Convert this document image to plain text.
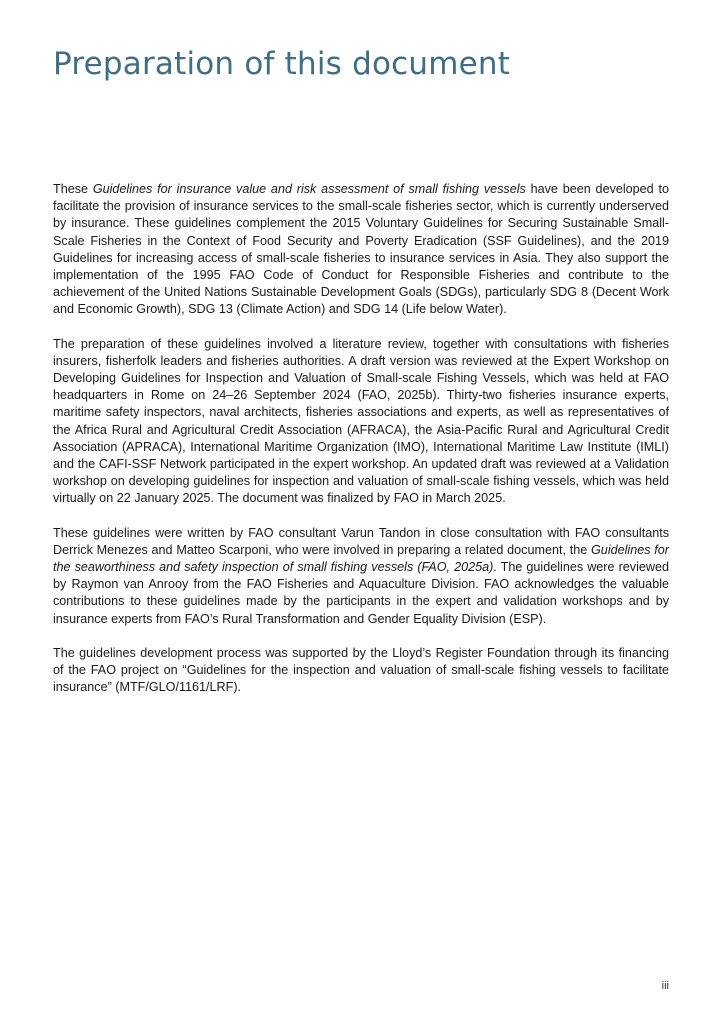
Preparation of this document

These Guidelines for insurance value and risk assessment of small fishing vessels have been developed to facilitate the provision of insurance services to the small-scale fisheries sector, which is currently underserved by insurance. These guidelines complement the 2015 Voluntary Guidelines for Securing Sustainable Small-Scale Fisheries in the Context of Food Security and Poverty Eradication (SSF Guidelines), and the 2019 Guidelines for increasing access of small-scale fisheries to insurance services in Asia. They also support the implementation of the 1995 FAO Code of Conduct for Responsible Fisheries and contribute to the achievement of the United Nations Sustainable Development Goals (SDGs), particularly SDG 8 (Decent Work and Economic Growth), SDG 13 (Climate Action) and SDG 14 (Life below Water).

The preparation of these guidelines involved a literature review, together with consultations with fisheries insurers, fisherfolk leaders and fisheries authorities. A draft version was reviewed at the Expert Workshop on Developing Guidelines for Inspection and Valuation of Small-scale Fishing Vessels, which was held at FAO headquarters in Rome on 24–26 September 2024 (FAO, 2025b). Thirty-two fisheries insurance experts, maritime safety inspectors, naval architects, fisheries associations and experts, as well as representatives of the Africa Rural and Agricultural Credit Association (AFRACA), the Asia-Pacific Rural and Agricultural Credit Association (APRACA), International Maritime Organization (IMO), International Maritime Law Institute (IMLI) and the CAFI-SSF Network participated in the expert workshop. An updated draft was reviewed at a Validation workshop on developing guidelines for inspection and valuation of small-scale fishing vessels, which was held virtually on 22 January 2025. The document was finalized by FAO in March 2025.

These guidelines were written by FAO consultant Varun Tandon in close consultation with FAO consultants Derrick Menezes and Matteo Scarponi, who were involved in preparing a related document, the Guidelines for the seaworthiness and safety inspection of small fishing vessels (FAO, 2025a). The guidelines were reviewed by Raymon van Anrooy from the FAO Fisheries and Aquaculture Division. FAO acknowledges the valuable contributions to these guidelines made by the participants in the expert and validation workshops and by insurance experts from FAO’s Rural Transformation and Gender Equality Division (ESP).

The guidelines development process was supported by the Lloyd’s Register Foundation through its financing of the FAO project on “Guidelines for the inspection and valuation of small-scale fishing vessels to facilitate insurance” (MTF/GLO/1161/LRF).

iii
